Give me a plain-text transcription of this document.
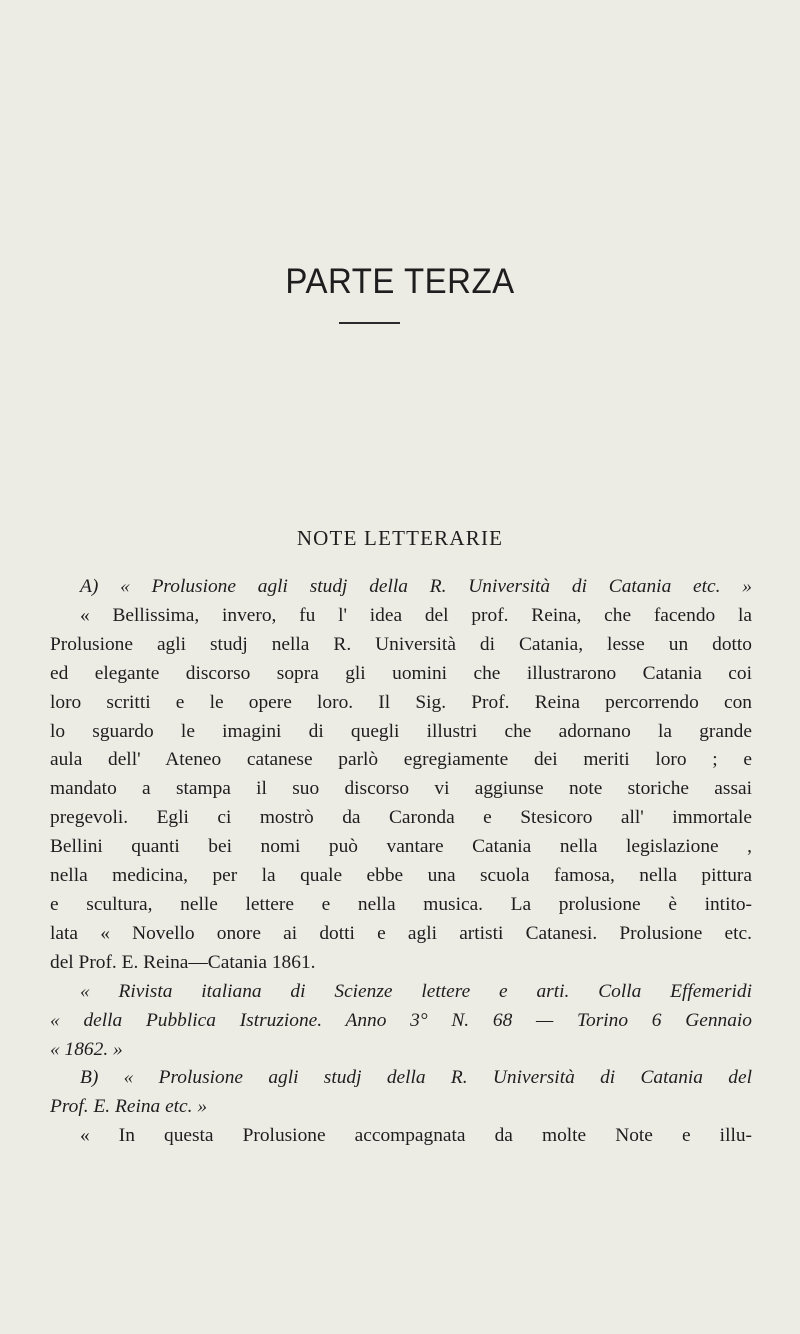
PARTE TERZA
NOTE LETTERARIE
A) « Prolusione agli studj della R. Università di Catania etc. »
« Bellissima, invero, fu l' idea del prof. Reina, che facendo la
Prolusione agli studj nella R. Università di Catania, lesse un dotto
ed elegante discorso sopra gli uomini che illustrarono Catania coi
loro scritti e le opere loro. Il Sig. Prof. Reina percorrendo con
lo sguardo le imagini di quegli illustri che adornano la grande
aula dell' Ateneo catanese parlò egregiamente dei meriti loro ; e
mandato a stampa il suo discorso vi aggiunse note storiche assai
pregevoli. Egli ci mostrò da Caronda e Stesicoro all' immortale
Bellini quanti bei nomi può vantare Catania nella legislazione ,
nella medicina, per la quale ebbe una scuola famosa, nella pittura
e scultura, nelle lettere e nella musica. La prolusione è intito-
lata « Novello onore ai dotti e agli artisti Catanesi. Prolusione etc.
del Prof. E. Reina—Catania 1861.
« Rivista italiana di Scienze lettere e arti. Colla Effemeridi
« della Pubblica Istruzione. Anno 3° N. 68 — Torino 6 Gennaio
« 1862. »
B) « Prolusione agli studj della R. Università di Catania del
Prof. E. Reina etc. »
« In questa Prolusione accompagnata da molte Note e illu-
